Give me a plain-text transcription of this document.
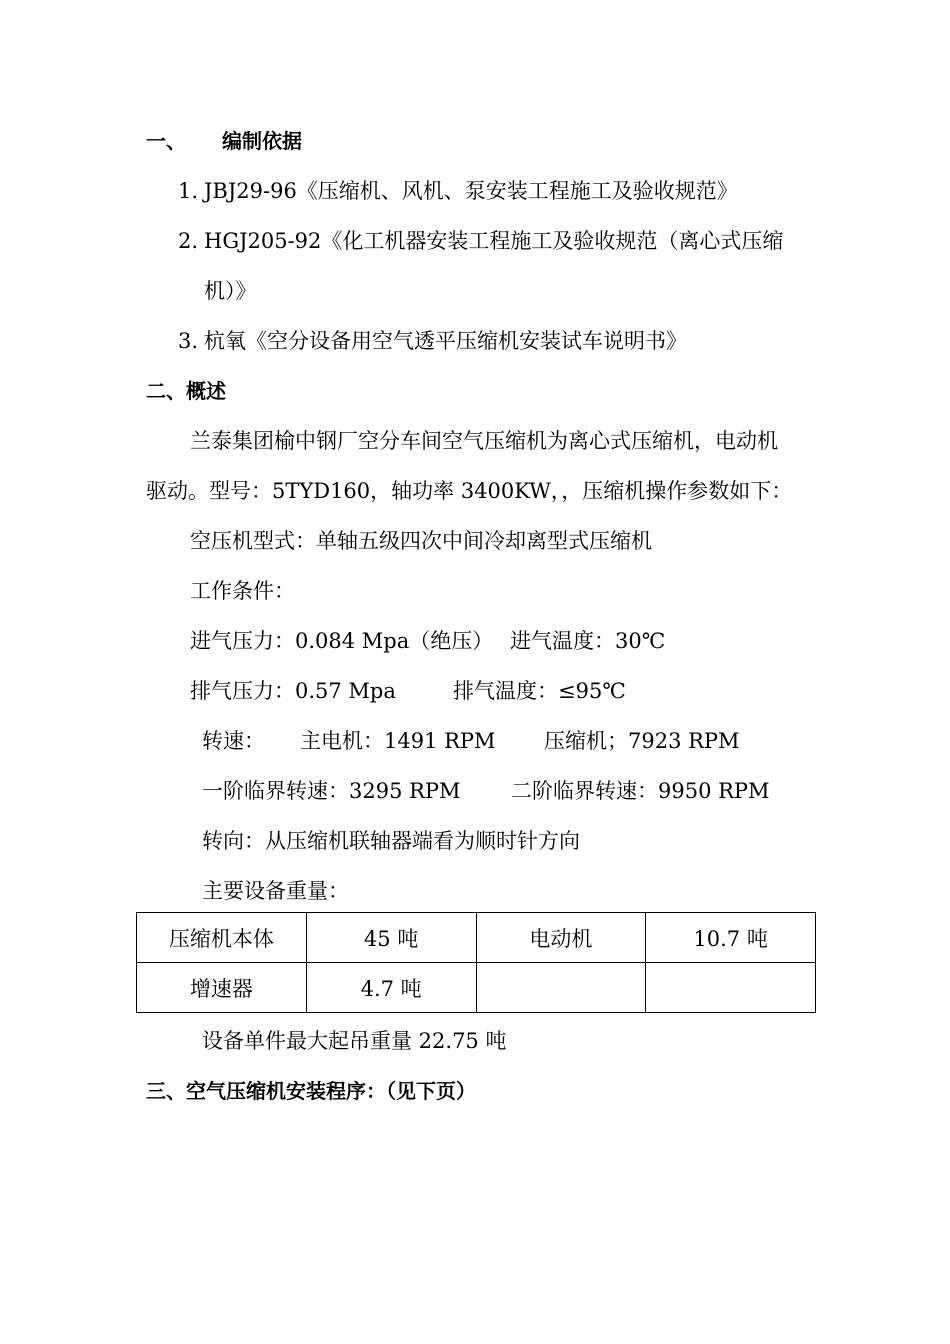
一、 编制依据
1. JBJ29-96《压缩机、风机、泵安装工程施工及验收规范》
2. HGJ205-92《化工机器安装工程施工及验收规范（离心式压缩
机）》
3. 杭氧《空分设备用空气透平压缩机安装试车说明书》
二、概述
兰泰集团榆中钢厂空分车间空气压缩机为离心式压缩机，电动机
驱动。型号：5TYD160，轴功率 3400KW，，压缩机操作参数如下：
空压机型式：单轴五级四次中间冷却离型式压缩机
工作条件：
进气压力：0.084 Mpa（绝压） 进气温度：30℃
排气压力：0.57 Mpa	排气温度：≤95℃
转速： 主电机：1491 RPM 压缩机；7923 RPM
一阶临界转速：3295 RPM 二阶临界转速：9950 RPM
转向：从压缩机联轴器端看为顺时针方向
主要设备重量：
压缩机本体	45 吨	电动机	10.7 吨
增速器	4.7 吨		
设备单件最大起吊重量 22.75 吨
三、空气压缩机安装程序：（见下页）
